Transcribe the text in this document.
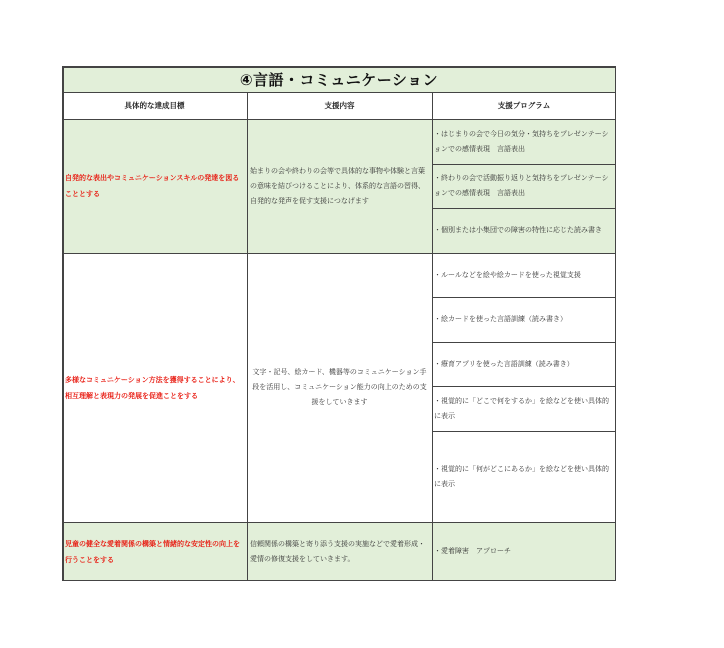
④言語・コミュニケーション
具体的な達成目標	支援内容	支援プログラム
自発的な表出やコミュニケーションスキルの発達を図ることとする
始まりの会や終わりの会等で具体的な事物や体験と言葉の意味を結びつけることにより、体系的な言語の習得、自発的な発声を促す支援につなげます
・はじまりの会で今日の気分・気持ちをプレゼンテーションでの感情表現　言語表出
・終わりの会で活動振り返りと気持ちをプレゼンテーションでの感情表現　言語表出
・個別または小集団での障害の特性に応じた読み書き
多様なコミュニケーション方法を獲得することにより、相互理解と表現力の発展を促進ことをする
文字・記号、絵カード、機器等のコミュニケーション手段を活用し、コミュニケーション能力の向上のための支援をしていきます
・ルールなどを絵や絵カードを使った視覚支援
・絵カードを使った言語訓練（読み書き）
・療育アプリを使った言語訓練（読み書き）
・視覚的に「どこで何をするか」を絵などを使い具体的に表示
・視覚的に「何がどこにあるか」を絵などを使い具体的に表示
児童の健全な愛着関係の構築と情緒的な安定性の向上を行うことをする
信頼関係の構築と寄り添う支援の実施などで愛着形成・愛情の修復支援をしていきます。
・愛着障害　アプローチ
